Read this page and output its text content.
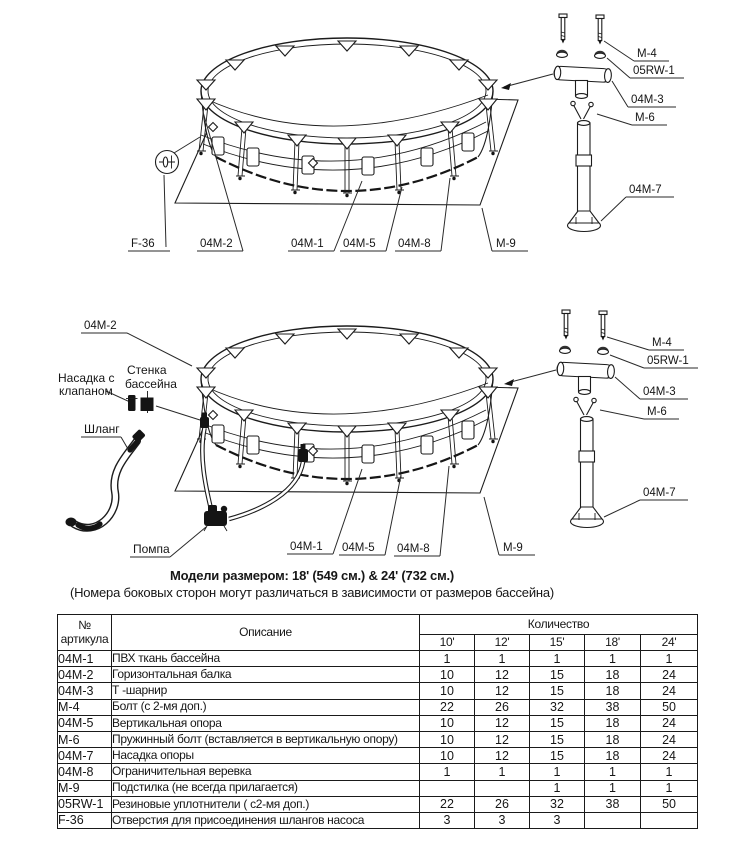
F-36	04M-2	04M-1 04M-5 04M-8	M-9
M-4
05RW-1
04M-3
M-6
04M-7
04M-2
Насадка с
клапаном
Стенка
бассейна
Шланг
Помпа	04M-1 04M-5 04M-8	M-9
M-4
05RW-1
04M-3
M-6
04M-7
Модели размером: 18' (549 см.) & 24' (732 см.)
(Номера боковых сторон могут различаться в зависимости от размеров бассейна)
№
артикула	Описание	Количество				
		10'	12'	15'	18'	24'
04M-1	ПВХ ткань бассейна	1	1	1	1	1
04M-2	Горизонтальная балка	10	12	15	18	24
04M-3	Т -шарнир	10	12	15	18	24
M-4	Болт (с 2-мя доп.)	22	26	32	38	50
04M-5	Вертикальная опора	10	12	15	18	24
M-6	Пружинный болт (вставляется в вертикальную опору)	10	12	15	18	24
04M-7	Насадка опоры	10	12	15	18	24
04M-8	Ограничительная веревка	1	1	1	1	1
M-9	Подстилка (не всегда прилагается)			1	1	1
05RW-1	Резиновые уплотнители ( с2-мя доп.)	22	26	32	38	50
F-36	Отверстия для присоединения шлангов насоса	3	3	3		
